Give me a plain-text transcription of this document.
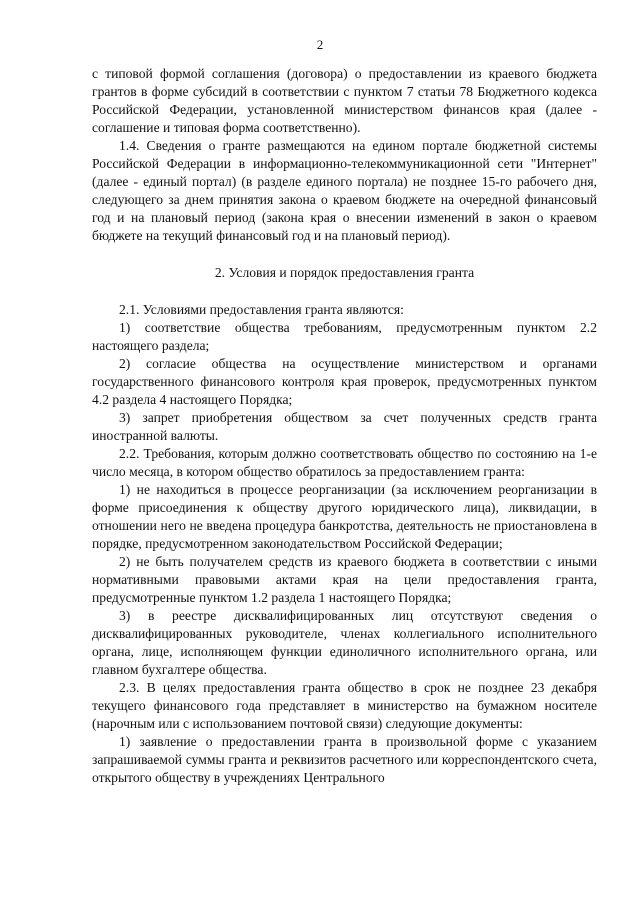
2

с типовой формой соглашения (договора) о предоставлении из краевого бюджета грантов в форме субсидий в соответствии с пунктом 7 статьи 78 Бюджетного кодекса Российской Федерации, установленной министерством финансов края (далее - соглашение и типовая форма соответственно).

1.4. Сведения о гранте размещаются на едином портале бюджетной системы Российской Федерации в информационно-телекоммуникационной сети "Интернет" (далее - единый портал) (в разделе единого портала) не позднее 15-го рабочего дня, следующего за днем принятия закона о краевом бюджете на очередной финансовый год и на плановый период (закона края о внесении изменений в закон о краевом бюджете на текущий финансовый год и на плановый период).

2. Условия и порядок предоставления гранта

2.1. Условиями предоставления гранта являются:

1) соответствие общества требованиям, предусмотренным пунктом 2.2 настоящего раздела;

2) согласие общества на осуществление министерством и органами государственного финансового контроля края проверок, предусмотренных пунктом 4.2 раздела 4 настоящего Порядка;

3) запрет приобретения обществом за счет полученных средств гранта иностранной валюты.

2.2. Требования, которым должно соответствовать общество по состоянию на 1-е число месяца, в котором общество обратилось за предоставлением гранта:

1) не находиться в процессе реорганизации (за исключением реорганизации в форме присоединения к обществу другого юридического лица), ликвидации, в отношении него не введена процедура банкротства, деятельность не приостановлена в порядке, предусмотренном законодательством Российской Федерации;

2) не быть получателем средств из краевого бюджета в соответствии с иными нормативными правовыми актами края на цели предоставления гранта, предусмотренные пунктом 1.2 раздела 1 настоящего Порядка;

3) в реестре дисквалифицированных лиц отсутствуют сведения о дисквалифицированных руководителе, членах коллегиального исполнительного органа, лице, исполняющем функции единоличного исполнительного органа, или главном бухгалтере общества.

2.3. В целях предоставления гранта общество в срок не позднее 23 декабря текущего финансового года представляет в министерство на бумажном носителе (нарочным или с использованием почтовой связи) следующие документы:

1) заявление о предоставлении гранта в произвольной форме с указанием запрашиваемой суммы гранта и реквизитов расчетного или корреспондентского счета, открытого обществу в учреждениях Центрального
